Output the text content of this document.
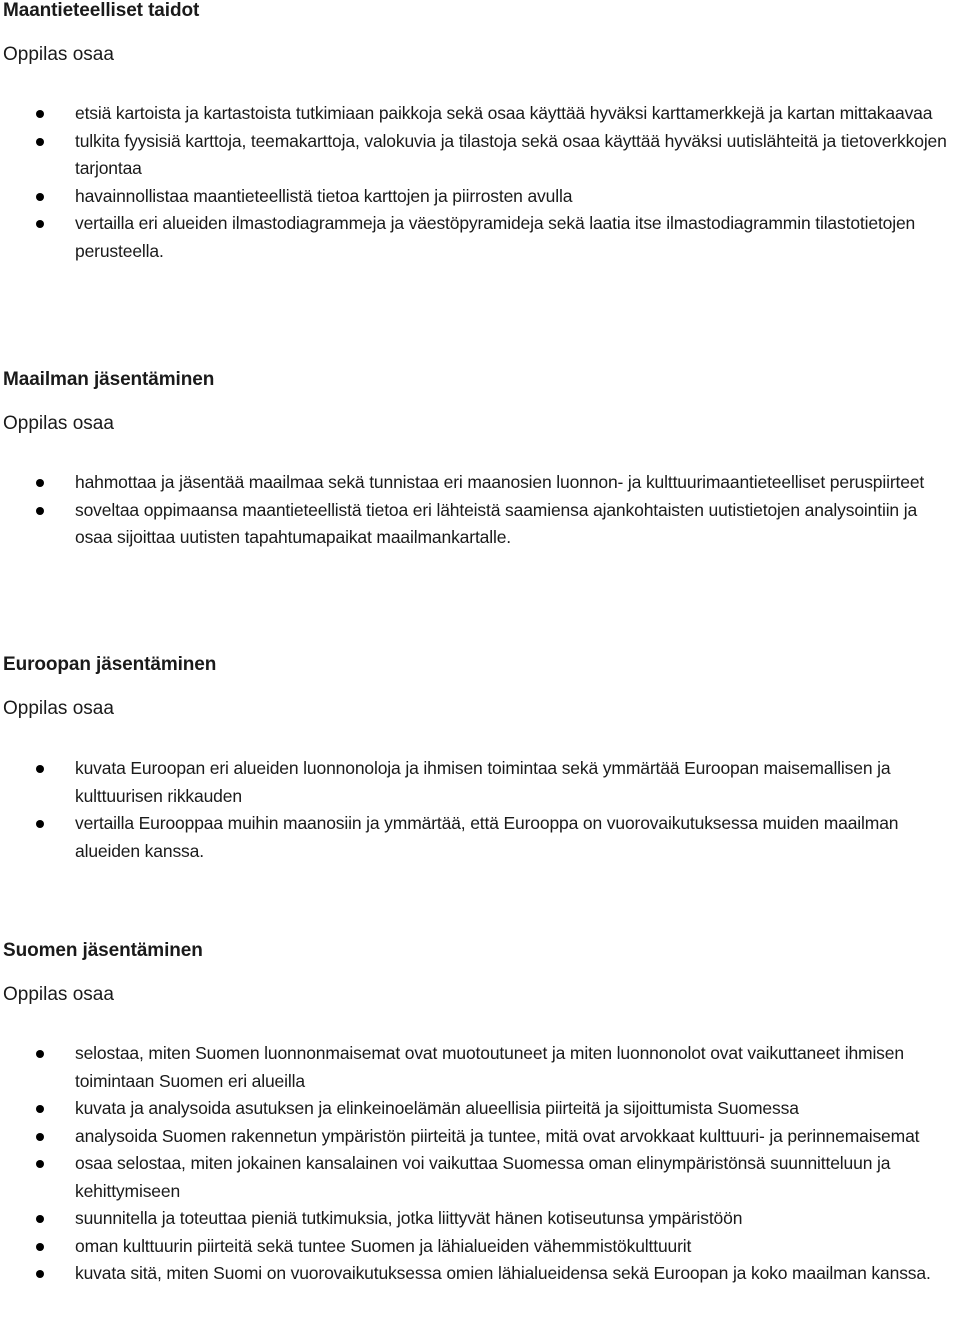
Maantieteelliset taidot
Oppilas osaa
etsiä kartoista ja kartastoista tutkimiaan paikkoja sekä osaa käyttää hyväksi karttamerkkejä ja kartan mittakaavaa
tulkita fyysisiä karttoja, teemakarttoja, valokuvia ja tilastoja sekä osaa käyttää hyväksi uutislähteitä ja tietoverkkojen tarjontaa
havainnollistaa maantieteellistä tietoa karttojen ja piirrosten avulla
vertailla eri alueiden ilmastodiagrammeja ja väestöpyramideja sekä laatia itse ilmastodiagrammin tilastotietojen perusteella.
Maailman jäsentäminen
Oppilas osaa
hahmottaa ja jäsentää maailmaa sekä tunnistaa eri maanosien luonnon- ja kulttuurimaantieteelliset peruspiirteet
soveltaa oppimaansa maantieteellistä tietoa eri lähteistä saamiensa ajankohtaisten uutistietojen analysointiin ja osaa sijoittaa uutisten tapahtumapaikat maailmankartalle.
Euroopan jäsentäminen
Oppilas osaa
kuvata Euroopan eri alueiden luonnonoloja ja ihmisen toimintaa sekä ymmärtää Euroopan maisemallisen ja kulttuurisen rikkauden
vertailla Eurooppaa muihin maanosiin ja ymmärtää, että Eurooppa on vuorovaikutuksessa muiden maailman alueiden kanssa.
Suomen jäsentäminen
Oppilas osaa
selostaa, miten Suomen luonnonmaisemat ovat muotoutuneet ja miten luonnonolot ovat vaikuttaneet ihmisen toimintaan Suomen eri alueilla
kuvata ja analysoida asutuksen ja elinkeinoelämän alueellisia piirteitä ja sijoittumista Suomessa
analysoida Suomen rakennetun ympäristön piirteitä ja tuntee, mitä ovat arvokkaat kulttuuri- ja perinnemaisemat
osaa selostaa, miten jokainen kansalainen voi vaikuttaa Suomessa oman elinympäristönsä suunnitteluun ja kehittymiseen
suunnitella ja toteuttaa pieniä tutkimuksia, jotka liittyvät hänen kotiseutunsa ympäristöön
oman kulttuurin piirteitä sekä tuntee Suomen ja lähialueiden vähemmistökulttuurit
kuvata sitä, miten Suomi on vuorovaikutuksessa omien lähialueidensa sekä Euroopan ja koko maailman kanssa.
